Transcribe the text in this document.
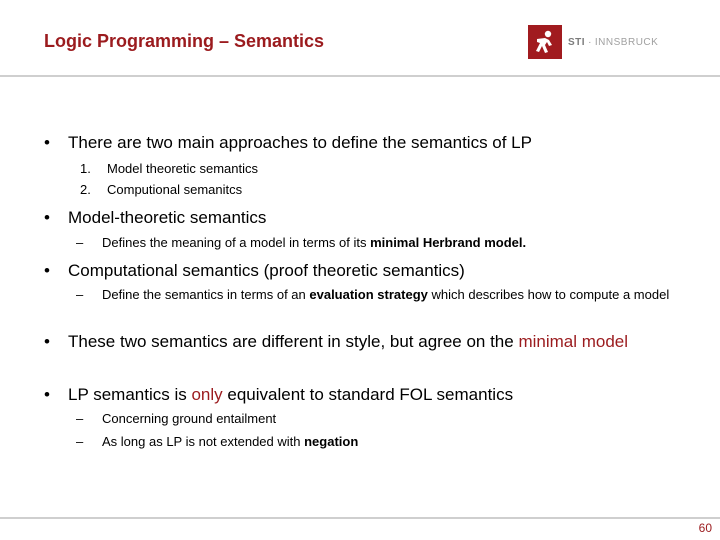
Logic Programming – Semantics	STI · INNSBRUCK
•	There are two main approaches to define the semantics of LP
1. Model theoretic semantics
2. Computional semanitcs
•	Model-theoretic semantics
– Defines the meaning of a model in terms of its minimal Herbrand model.
•	Computational semantics (proof theoretic semantics)
– Define the semantics in terms of an evaluation strategy which describes how to compute a model
•	These two semantics are different in style, but agree on the minimal model
•	LP semantics is only equivalent to standard FOL semantics
– Concerning ground entailment
– As long as LP is not extended with negation
60
